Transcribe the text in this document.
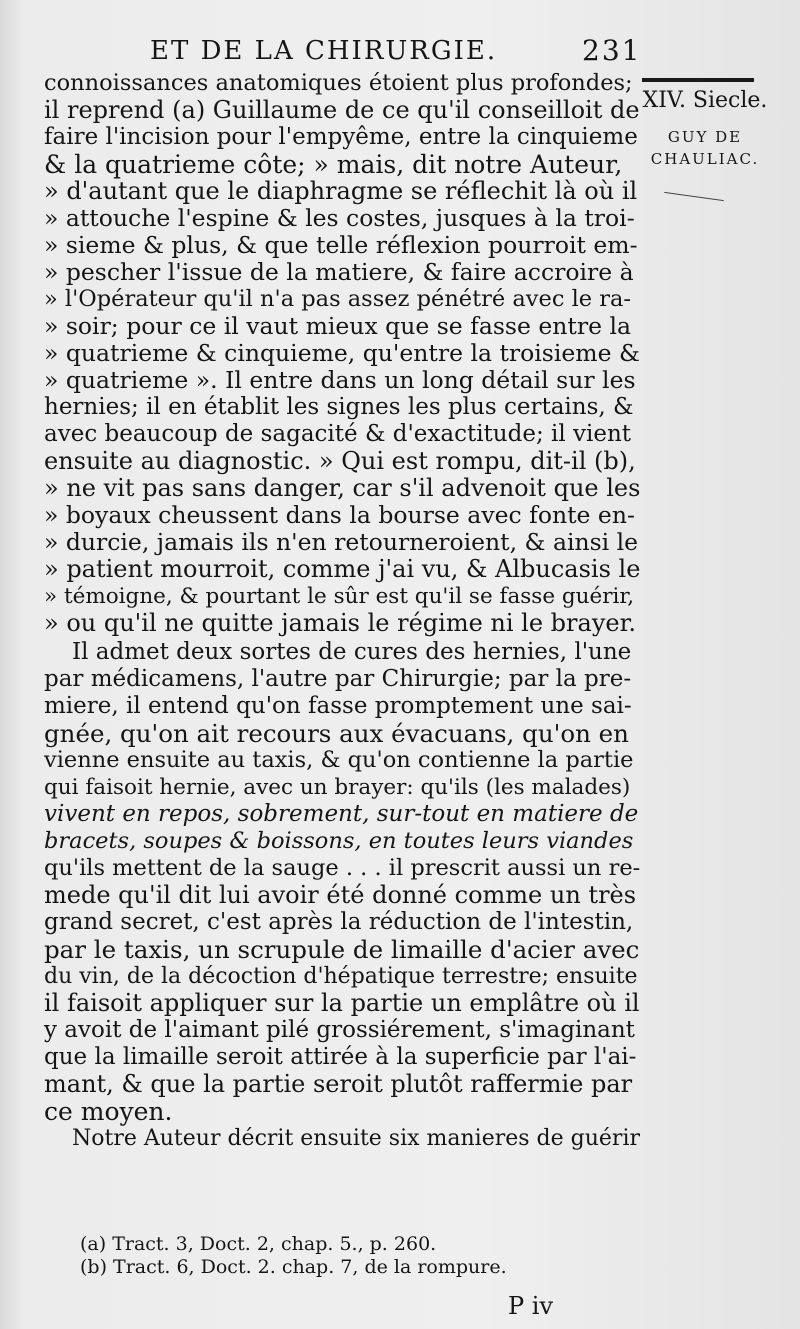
ET DE LA CHIRURGIE.	231
XIV. Siecle.
GUY DE
CHAULIAC.
connoissances anatomiques étoient plus profondes;
il reprend (a) Guillaume de ce qu'il conseilloit de
faire l'incision pour l'empyême, entre la cinquieme
& la quatrieme côte; » mais, dit notre Auteur,
» d'autant que le diaphragme se réflechit là où il
» attouche l'espine & les costes, jusques à la troi-
» sieme & plus, & que telle réflexion pourroit em-
» pescher l'issue de la matiere, & faire accroire à
» l'Opérateur qu'il n'a pas assez pénétré avec le ra-
» soir; pour ce il vaut mieux que se fasse entre la
» quatrieme & cinquieme, qu'entre la troisieme &
» quatrieme ». Il entre dans un long détail sur les
hernies; il en établit les signes les plus certains, &
avec beaucoup de sagacité & d'exactitude; il vient
ensuite au diagnostic. » Qui est rompu, dit-il (b),
» ne vit pas sans danger, car s'il advenoit que les
» boyaux cheussent dans la bourse avec fonte en-
» durcie, jamais ils n'en retourneroient, & ainsi le
» patient mourroit, comme j'ai vu, & Albucasis le
» témoigne, & pourtant le sûr est qu'il se fasse guérir,
» ou qu'il ne quitte jamais le régime ni le brayer.
Il admet deux sortes de cures des hernies, l'une
par médicamens, l'autre par Chirurgie; par la pre-
miere, il entend qu'on fasse promptement une sai-
gnée, qu'on ait recours aux évacuans, qu'on en
vienne ensuite au taxis, & qu'on contienne la partie
qui faisoit hernie, avec un brayer: qu'ils (les malades)
vivent en repos, sobrement, sur-tout en matiere de
bracets, soupes & boissons, en toutes leurs viandes
qu'ils mettent de la sauge . . . il prescrit aussi un re-
mede qu'il dit lui avoir été donné comme un très
grand secret, c'est après la réduction de l'intestin,
par le taxis, un scrupule de limaille d'acier avec
du vin, de la décoction d'hépatique terrestre; ensuite
il faisoit appliquer sur la partie un emplâtre où il
y avoit de l'aimant pilé grossiérement, s'imaginant
que la limaille seroit attirée à la superficie par l'ai-
mant, & que la partie seroit plutôt raffermie par
ce moyen.
Notre Auteur décrit ensuite six manieres de guérir
(a) Tract. 3, Doct. 2, chap. 5., p. 260.
(b) Tract. 6, Doct. 2. chap. 7, de la rompure.
P iv
